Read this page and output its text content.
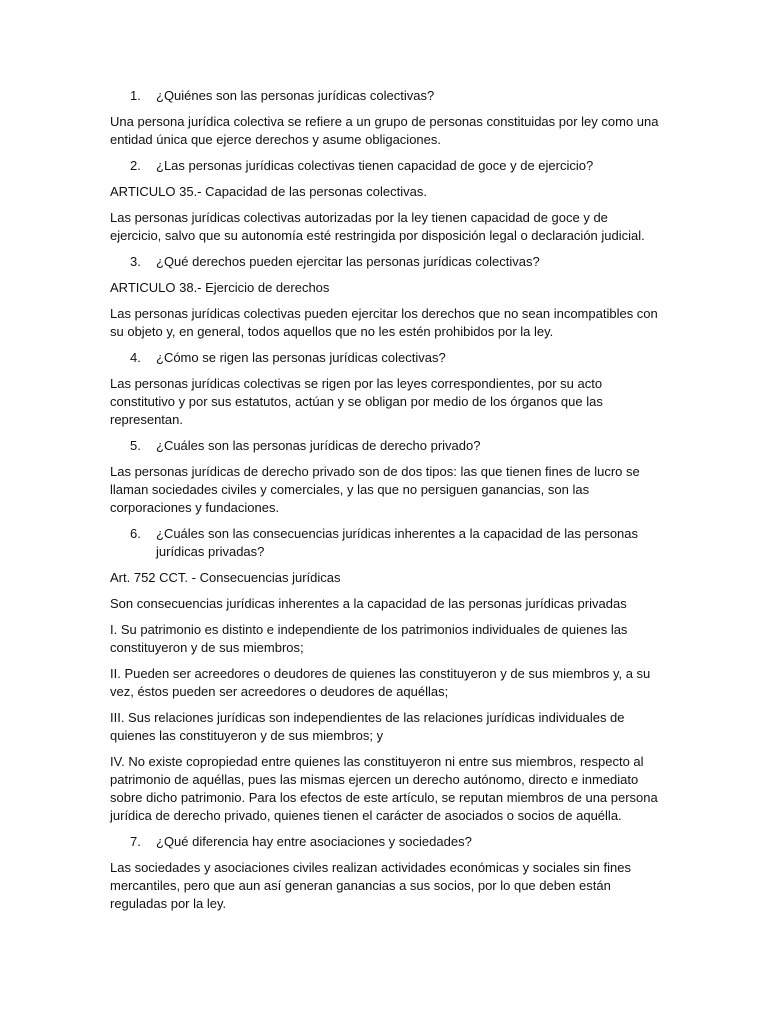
1.	¿Quiénes son las personas jurídicas colectivas?
Una persona jurídica colectiva se refiere a un grupo de personas constituidas por ley como una entidad única que ejerce derechos y asume obligaciones.
2.	¿Las personas jurídicas colectivas tienen capacidad de goce y de ejercicio?
ARTICULO 35.- Capacidad de las personas colectivas.
Las personas jurídicas colectivas autorizadas por la ley tienen capacidad de goce y de ejercicio, salvo que su autonomía esté restringida por disposición legal o declaración judicial.
3.	¿Qué derechos pueden ejercitar las personas jurídicas colectivas?
ARTICULO 38.- Ejercicio de derechos
Las personas jurídicas colectivas pueden ejercitar los derechos que no sean incompatibles con su objeto y, en general, todos aquellos que no les estén prohibidos por la ley.
4.	¿Cómo se rigen las personas jurídicas colectivas?
Las personas jurídicas colectivas se rigen por las leyes correspondientes, por su acto constitutivo y por sus estatutos, actúan y se obligan por medio de los órganos que las representan.
5.	¿Cuáles son las personas jurídicas de derecho privado?
Las personas jurídicas de derecho privado son de dos tipos: las que tienen fines de lucro se llaman sociedades civiles y comerciales, y las que no persiguen ganancias, son las corporaciones y fundaciones.
6.	¿Cuáles son las consecuencias jurídicas inherentes a la capacidad de las personas jurídicas privadas?
Art. 752 CCT. - Consecuencias jurídicas
Son consecuencias jurídicas inherentes a la capacidad de las personas jurídicas privadas
I. Su patrimonio es distinto e independiente de los patrimonios individuales de quienes las constituyeron y de sus miembros;
II. Pueden ser acreedores o deudores de quienes las constituyeron y de sus miembros y, a su vez, éstos pueden ser acreedores o deudores de aquéllas;
III. Sus relaciones jurídicas son independientes de las relaciones jurídicas individuales de quienes las constituyeron y de sus miembros; y
IV. No existe copropiedad entre quienes las constituyeron ni entre sus miembros, respecto al patrimonio de aquéllas, pues las mismas ejercen un derecho autónomo, directo e inmediato sobre dicho patrimonio. Para los efectos de este artículo, se reputan miembros de una persona jurídica de derecho privado, quienes tienen el carácter de asociados o socios de aquélla.
7.	¿Qué diferencia hay entre asociaciones y sociedades?
Las sociedades y asociaciones civiles realizan actividades económicas y sociales sin fines mercantiles, pero que aun así generan ganancias a sus socios, por lo que deben están reguladas por la ley.
